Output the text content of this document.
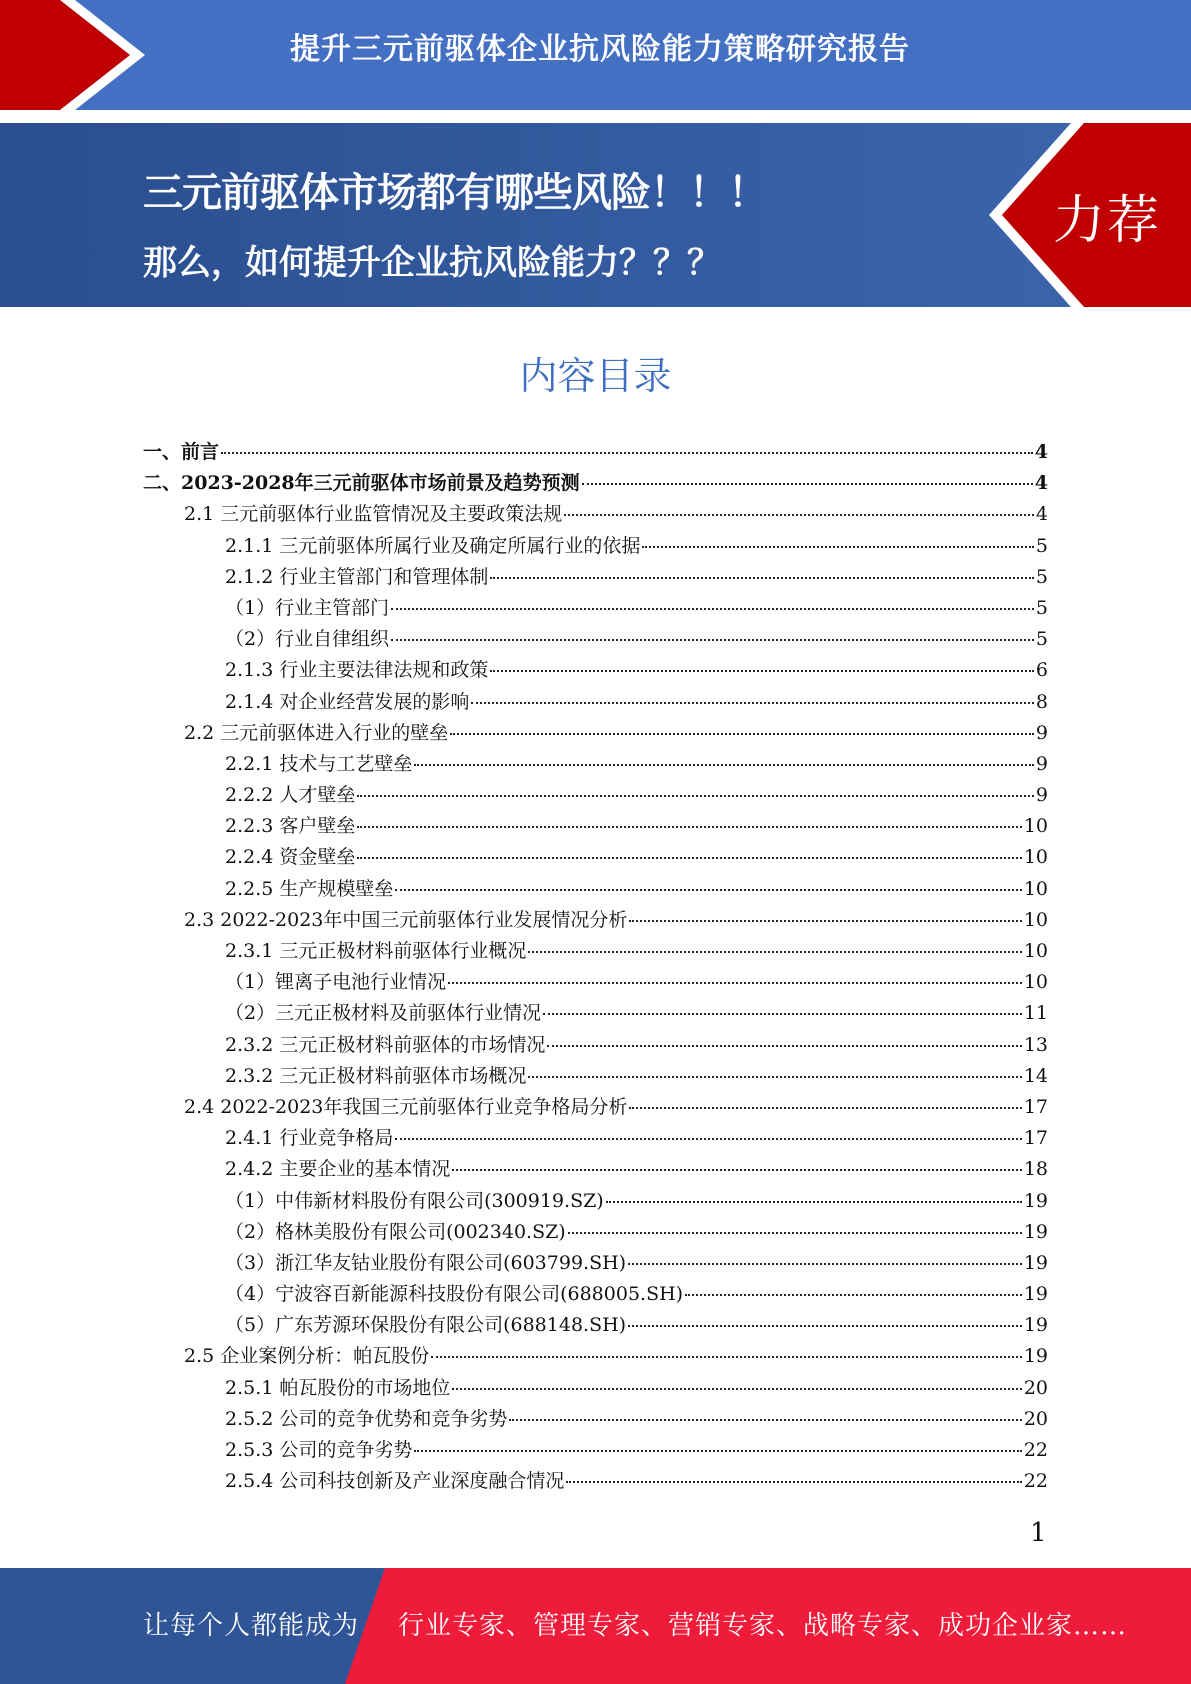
提升三元前驱体企业抗风险能力策略研究报告
三元前驱体市场都有哪些风险！！！
那么，如何提升企业抗风险能力？？？
力荐
内容目录
一、前言	4
二、2023-2028年三元前驱体市场前景及趋势预测	4
2.1 三元前驱体行业监管情况及主要政策法规	4
2.1.1 三元前驱体所属行业及确定所属行业的依据	5
2.1.2 行业主管部门和管理体制	5
（1）行业主管部门	5
（2）行业自律组织	5
2.1.3 行业主要法律法规和政策	6
2.1.4 对企业经营发展的影响	8
2.2 三元前驱体进入行业的壁垒	9
2.2.1 技术与工艺壁垒	9
2.2.2 人才壁垒	9
2.2.3 客户壁垒	10
2.2.4 资金壁垒	10
2.2.5 生产规模壁垒	10
2.3 2022-2023年中国三元前驱体行业发展情况分析	10
2.3.1 三元正极材料前驱体行业概况	10
（1）锂离子电池行业情况	10
（2）三元正极材料及前驱体行业情况	11
2.3.2 三元正极材料前驱体的市场情况	13
2.3.2 三元正极材料前驱体市场概况	14
2.4 2022-2023年我国三元前驱体行业竞争格局分析	17
2.4.1 行业竞争格局	17
2.4.2 主要企业的基本情况	18
（1）中伟新材料股份有限公司(300919.SZ)	19
（2）格林美股份有限公司(002340.SZ)	19
（3）浙江华友钴业股份有限公司(603799.SH)	19
（4）宁波容百新能源科技股份有限公司(688005.SH)	19
（5）广东芳源环保股份有限公司(688148.SH)	19
2.5 企业案例分析：帕瓦股份	19
2.5.1 帕瓦股份的市场地位	20
2.5.2 公司的竞争优势和竞争劣势	20
2.5.3 公司的竞争劣势	22
2.5.4 公司科技创新及产业深度融合情况	22
1
让每个人都能成为 行业专家、管理专家、营销专家、战略专家、成功企业家……
